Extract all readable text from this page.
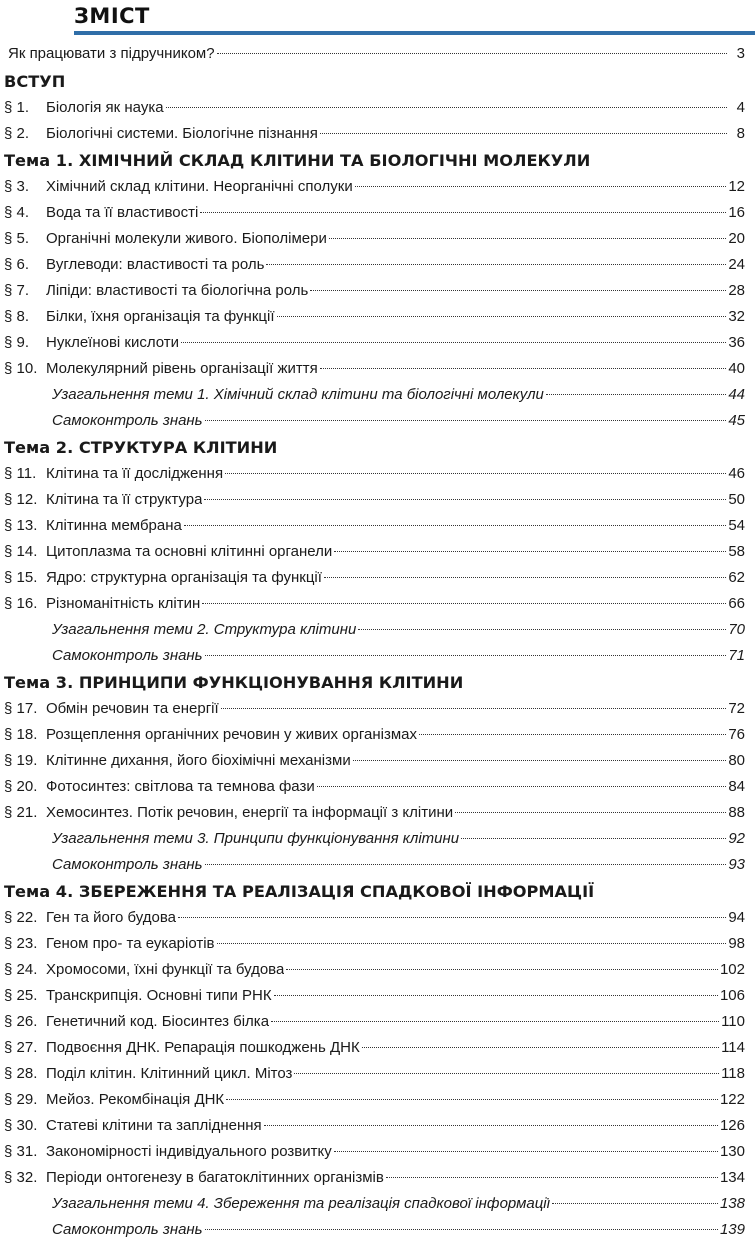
ЗМІСТ
Як працювати з підручником?	3
ВСТУП
§ 1.	Біологія як наука	4
§ 2.	Біологічні системи. Біологічне пізнання	8
Тема 1. ХІМІЧНИЙ СКЛАД КЛІТИНИ ТА БІОЛОГІЧНІ МОЛЕКУЛИ
§ 3.	Хімічний склад клітини. Неорганічні сполуки	12
§ 4.	Вода та її властивості	16
§ 5.	Органічні молекули живого. Біополімери	20
§ 6.	Вуглеводи: властивості та роль	24
§ 7.	Ліпіди: властивості та біологічна роль	28
§ 8.	Білки, їхня організація та функції	32
§ 9.	Нуклеїнові кислоти	36
§ 10. Молекулярний рівень організації життя	40
Узагальнення теми 1. Хімічний склад клітини та біологічні молекули	44
Самоконтроль знань	45
Тема 2. СТРУКТУРА КЛІТИНИ
§ 11. Клітина та її дослідження	46
§ 12. Клітина та її структура	50
§ 13. Клітинна мембрана	54
§ 14. Цитоплазма та основні клітинні органели	58
§ 15. Ядро: структурна організація та функції	62
§ 16. Різноманітність клітин	66
Узагальнення теми 2. Структура клітини	70
Самоконтроль знань	71
Тема 3. ПРИНЦИПИ ФУНКЦІОНУВАННЯ КЛІТИНИ
§ 17. Обмін речовин та енергії	72
§ 18. Розщеплення органічних речовин у живих організмах	76
§ 19. Клітинне дихання, його біохімічні механізми	80
§ 20. Фотосинтез: світлова та темнова фази	84
§ 21. Хемосинтез. Потік речовин, енергії та інформації з клітини	88
Узагальнення теми 3. Принципи функціонування клітини	92
Самоконтроль знань	93
Тема 4. ЗБЕРЕЖЕННЯ ТА РЕАЛІЗАЦІЯ СПАДКОВОЇ ІНФОРМАЦІЇ
§ 22. Ген та його будова	94
§ 23. Геном про- та еукаріотів	98
§ 24. Хромосоми, їхні функції та будова	102
§ 25. Транскрипція. Основні типи РНК	106
§ 26. Генетичний код. Біосинтез білка	110
§ 27. Подвоєння ДНК. Репарація пошкоджень ДНК	114
§ 28. Поділ клітин. Клітинний цикл. Мітоз	118
§ 29. Мейоз. Рекомбінація ДНК	122
§ 30. Статеві клітини та запліднення	126
§ 31. Закономірності індивідуального розвитку	130
§ 32. Періоди онтогенезу в багатоклітинних організмів	134
Узагальнення теми 4. Збереження та реалізація спадкової інформації	138
Самоконтроль знань	139
